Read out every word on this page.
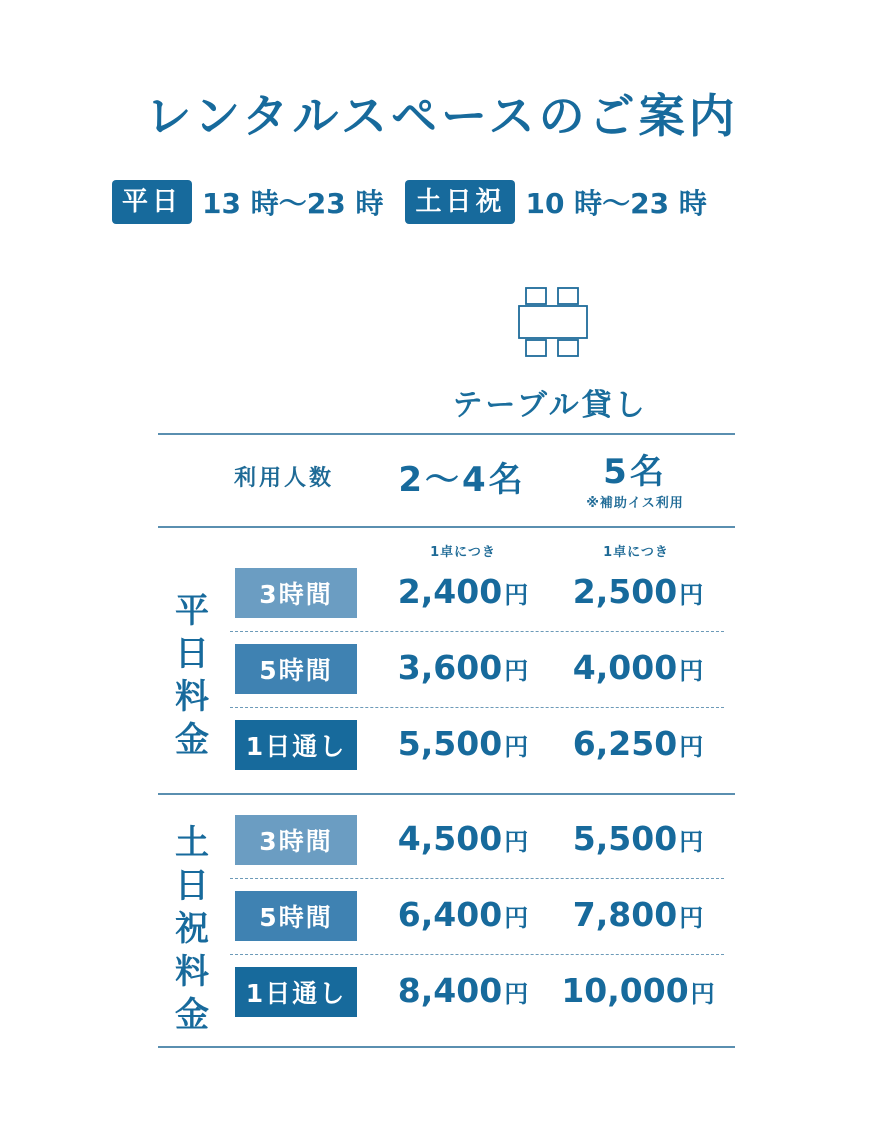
レンタルスペースのご案内
平日 13 時〜23 時	土日祝 10 時〜23 時
テーブル貸し
利用人数	2〜4名	5名
※補助イス利用
1卓につき	1卓につき
平
日
料
金
3時間	2,400円	2,500円
5時間	3,600円	4,000円
1日通し	5,500円	6,250円
土
日
祝
料
金
3時間	4,500円	5,500円
5時間	6,400円	7,800円
1日通し	8,400円	10,000円
